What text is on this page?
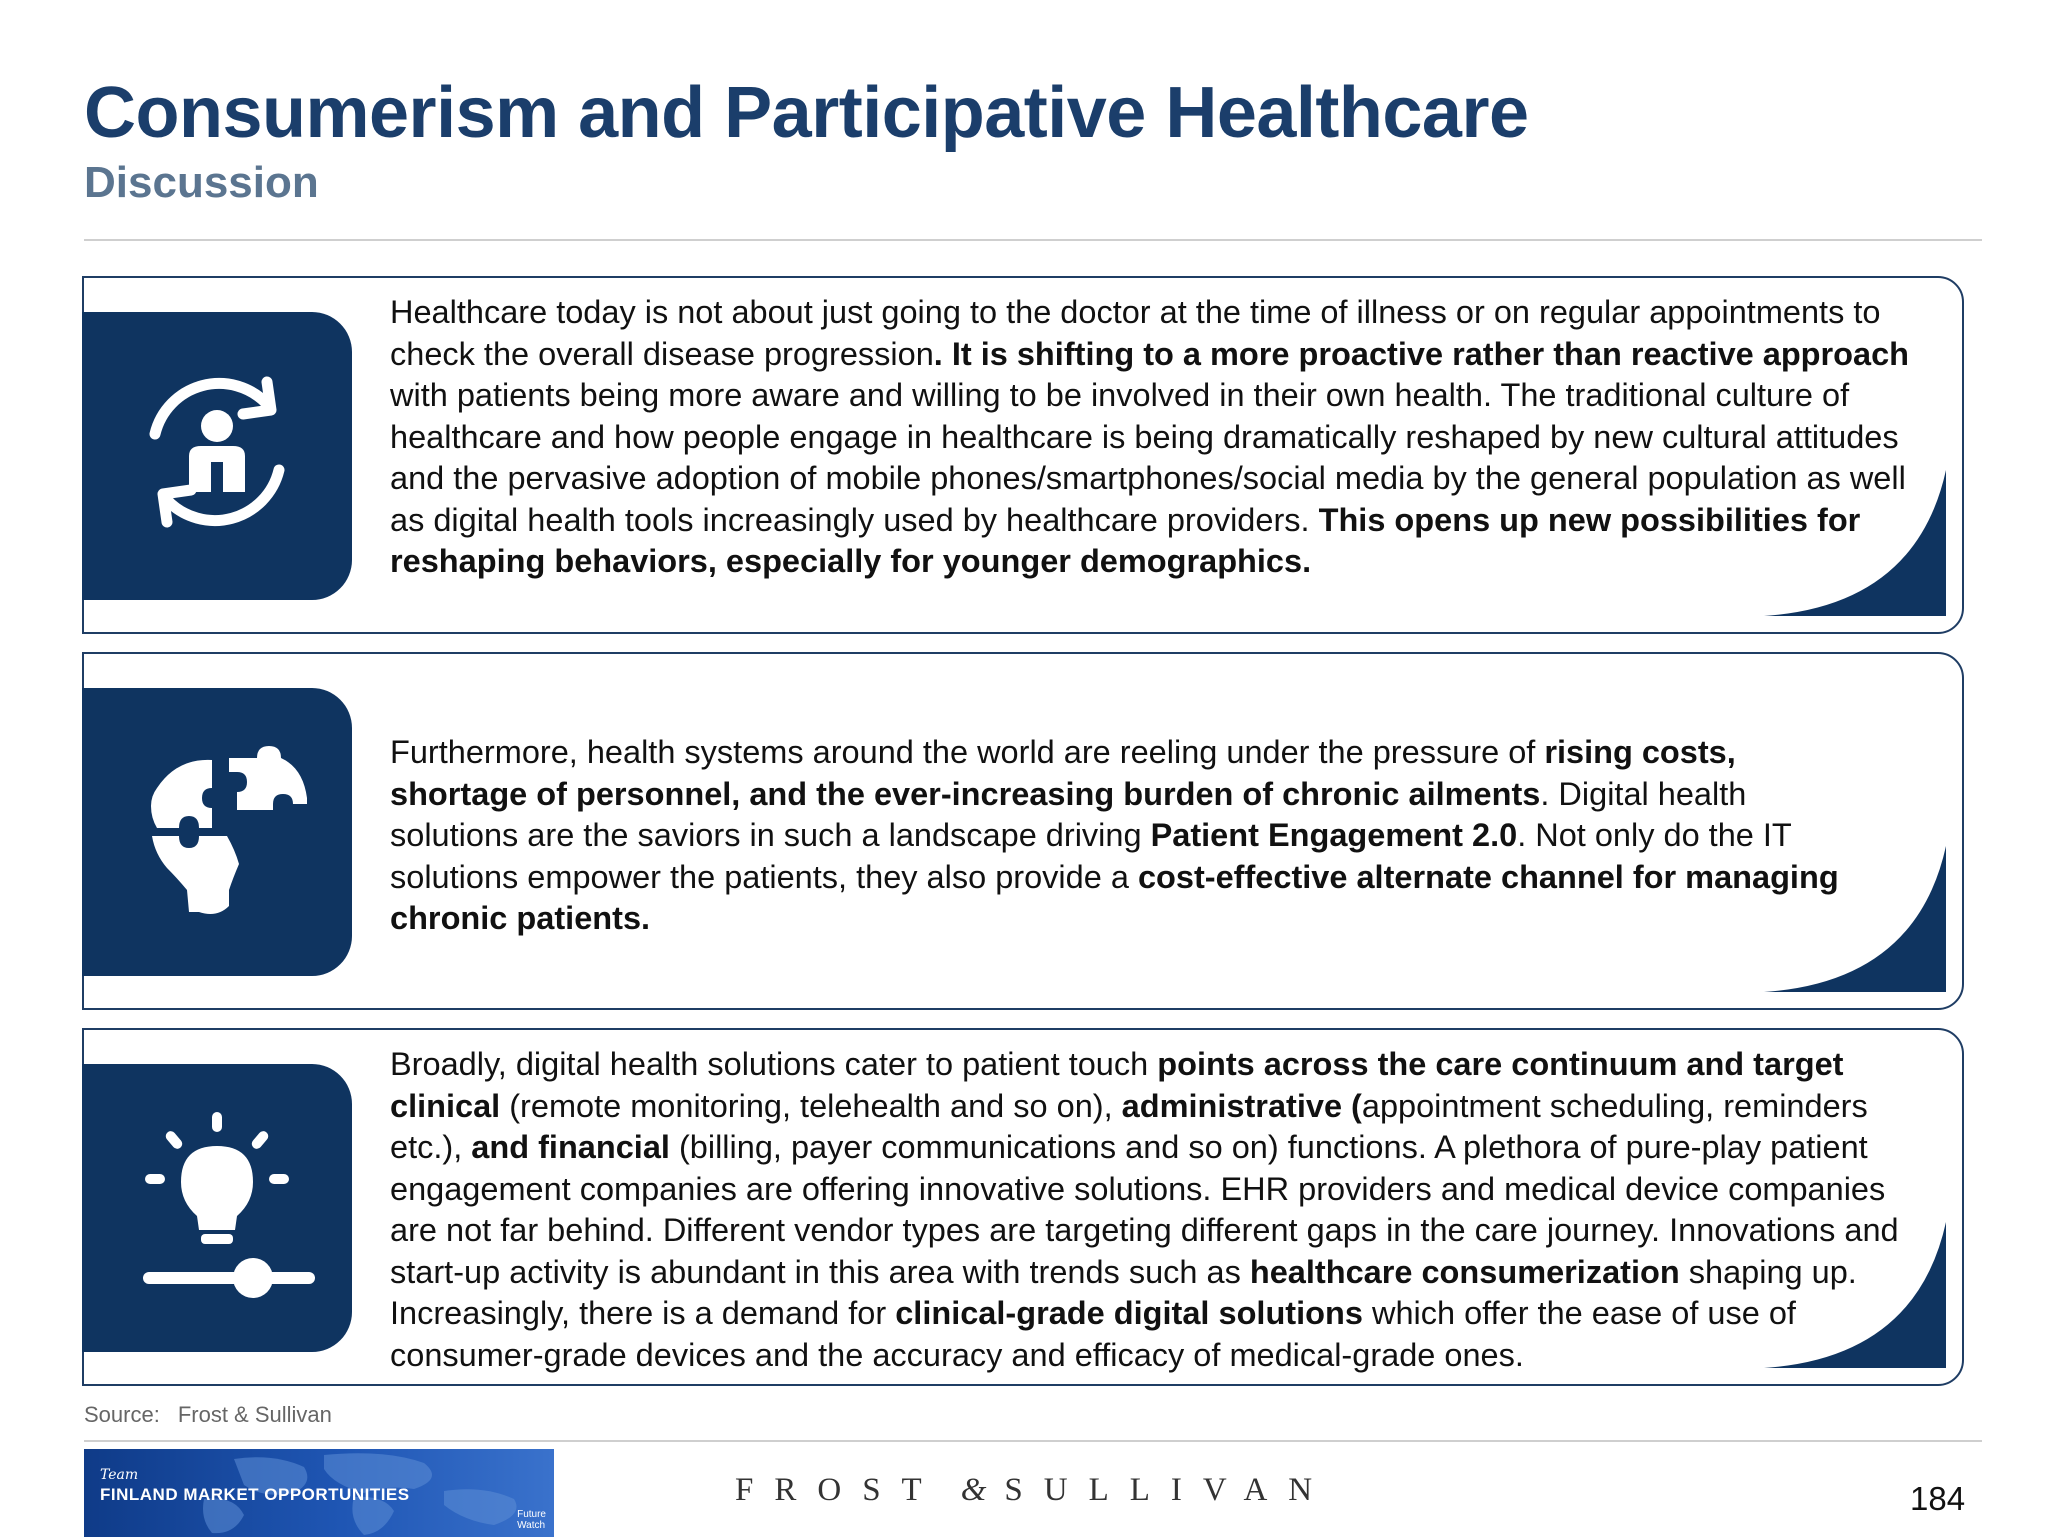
Consumerism and Participative Healthcare
Discussion

Healthcare today is not about just going to the doctor at the time of illness or on regular appointments to check the overall disease progression. It is shifting to a more proactive rather than reactive approach with patients being more aware and willing to be involved in their own health. The traditional culture of healthcare and how people engage in healthcare is being dramatically reshaped by new cultural attitudes and the pervasive adoption of mobile phones/smartphones/social media by the general population as well as digital health tools increasingly used by healthcare providers. This opens up new possibilities for reshaping behaviors, especially for younger demographics.

Furthermore, health systems around the world are reeling under the pressure of rising costs, shortage of personnel, and the ever-increasing burden of chronic ailments. Digital health solutions are the saviors in such a landscape driving Patient Engagement 2.0. Not only do the IT solutions empower the patients, they also provide a cost-effective alternate channel for managing chronic patients.

Broadly, digital health solutions cater to patient touch points across the care continuum and target clinical (remote monitoring, telehealth and so on), administrative (appointment scheduling, reminders etc.), and financial (billing, payer communications and so on) functions. A plethora of pure-play patient engagement companies are offering innovative solutions. EHR providers and medical device companies are not far behind. Different vendor types are targeting different gaps in the care journey. Innovations and start-up activity is abundant in this area with trends such as healthcare consumerization shaping up. Increasingly, there is a demand for clinical-grade digital solutions which offer the ease of use of consumer-grade devices and the accuracy and efficacy of medical-grade ones.

Source: Frost & Sullivan
Team
FINLAND MARKET OPPORTUNITIES
Future
Watch
FROST & SULLIVAN	184
